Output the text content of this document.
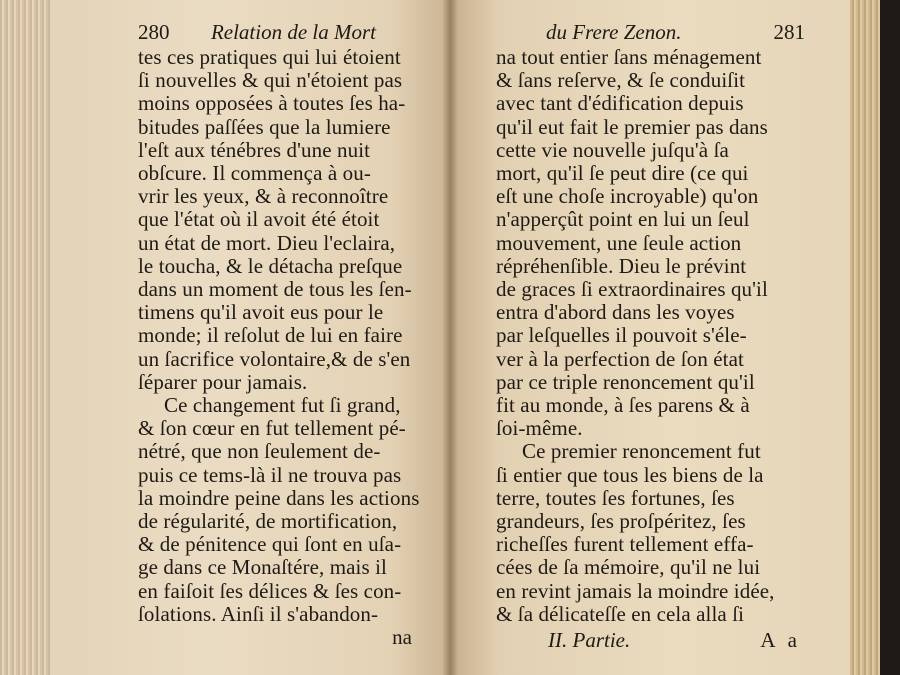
280 Relation de la Mort
tes ces pratiques qui lui étoient
ſi nouvelles & qui n'étoient pas
moins opposées à toutes ſes ha-
bitudes paſſées que la lumiere
l'eſt aux ténébres d'une nuit
obſcure. Il commença à ou-
vrir les yeux, & à reconnoître
que l'état où il avoit été étoit
un état de mort. Dieu l'eclaira,
le toucha, & le détacha preſque
dans un moment de tous les ſen-
timens qu'il avoit eus pour le
monde; il reſolut de lui en faire
un ſacrifice volontaire,& de s'en
ſéparer pour jamais.
Ce changement fut ſi grand,
& ſon cœur en fut tellement pé-
nétré, que non ſeulement de-
puis ce tems-là il ne trouva pas
la moindre peine dans les actions
de régularité, de mortification,
& de pénitence qui ſont en uſa-
ge dans ce Monaſtére, mais il
en faiſoit ſes délices & ſes con-
ſolations. Ainſi il s'abandon-
na
du Frere Zenon.	281
na tout entier ſans ménagement
& ſans reſerve, & ſe conduiſit
avec tant d'édification depuis
qu'il eut fait le premier pas dans
cette vie nouvelle juſqu'à ſa
mort, qu'il ſe peut dire (ce qui
eſt une choſe incroyable) qu'on
n'apperçût point en lui un ſeul
mouvement, une ſeule action
répréhenſible. Dieu le prévint
de graces ſi extraordinaires qu'il
entra d'abord dans les voyes
par leſquelles il pouvoit s'éle-
ver à la perfection de ſon état
par ce triple renoncement qu'il
fit au monde, à ſes parens & à
ſoi-même.
Ce premier renoncement fut
ſi entier que tous les biens de la
terre, toutes ſes fortunes, ſes
grandeurs, ſes proſpéritez, ſes
richeſſes furent tellement effa-
cées de ſa mémoire, qu'il ne lui
en revint jamais la moindre idée,
& ſa délicateſſe en cela alla ſi
II. Partie.	A a
